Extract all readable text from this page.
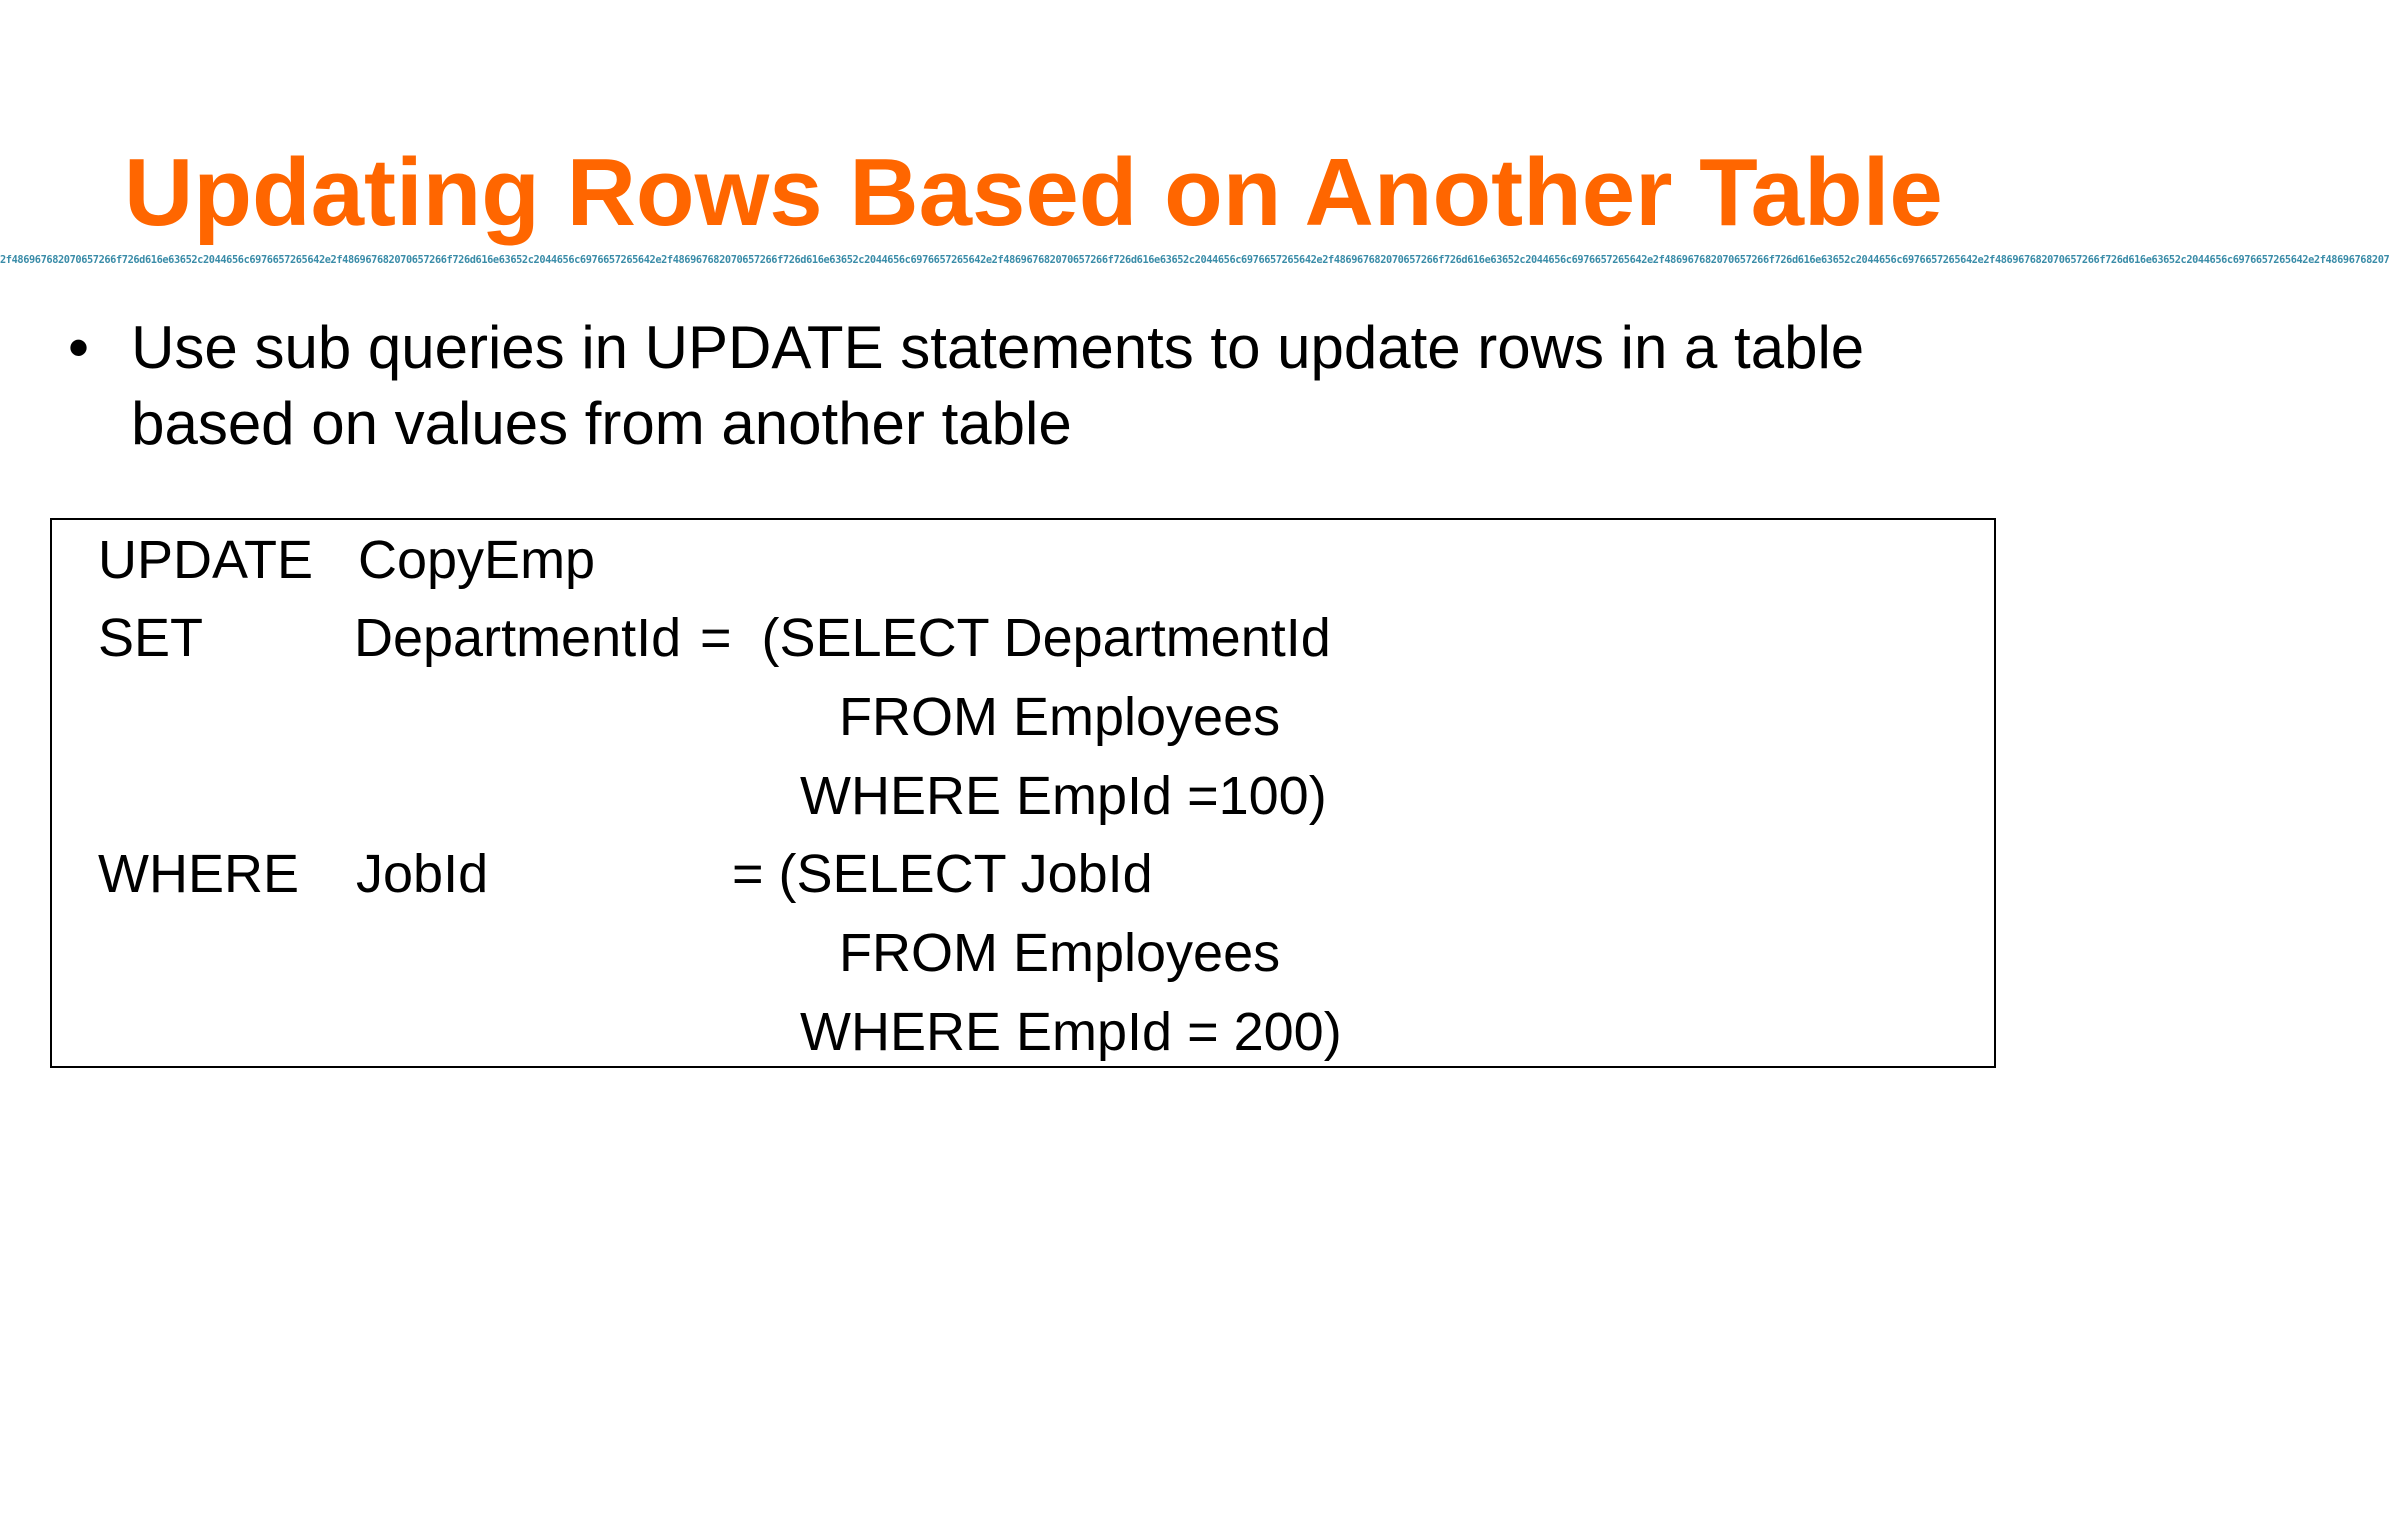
Updating Rows Based on Another Table
2f486967682070657266f726d616e63652c2044656c6976657265642e2f486967682070657266f726d616e63652c2044656c6976657265642e2f486967682070657266f726d616e63652c2044656c6976657265642e2f486967682070657266f726d616e63652c2044656c6976657265642e2f486967682070657266f726d616e63652c2044656c6976657265642e2f486967682070657266f726d616e63652c2044656c6976657265642e2f486967682070657266f726d616e63652c2044656c6976657265642e2f48696768207
• Use sub queries in UPDATE statements to update rows in a table based on values from another table
UPDATE CopyEmp
SET	DepartmentId =  (SELECT DepartmentId
FROM Employees
WHERE EmpId =100)
WHERE JobId	= (SELECT JobId
FROM Employees
WHERE EmpId = 200)
